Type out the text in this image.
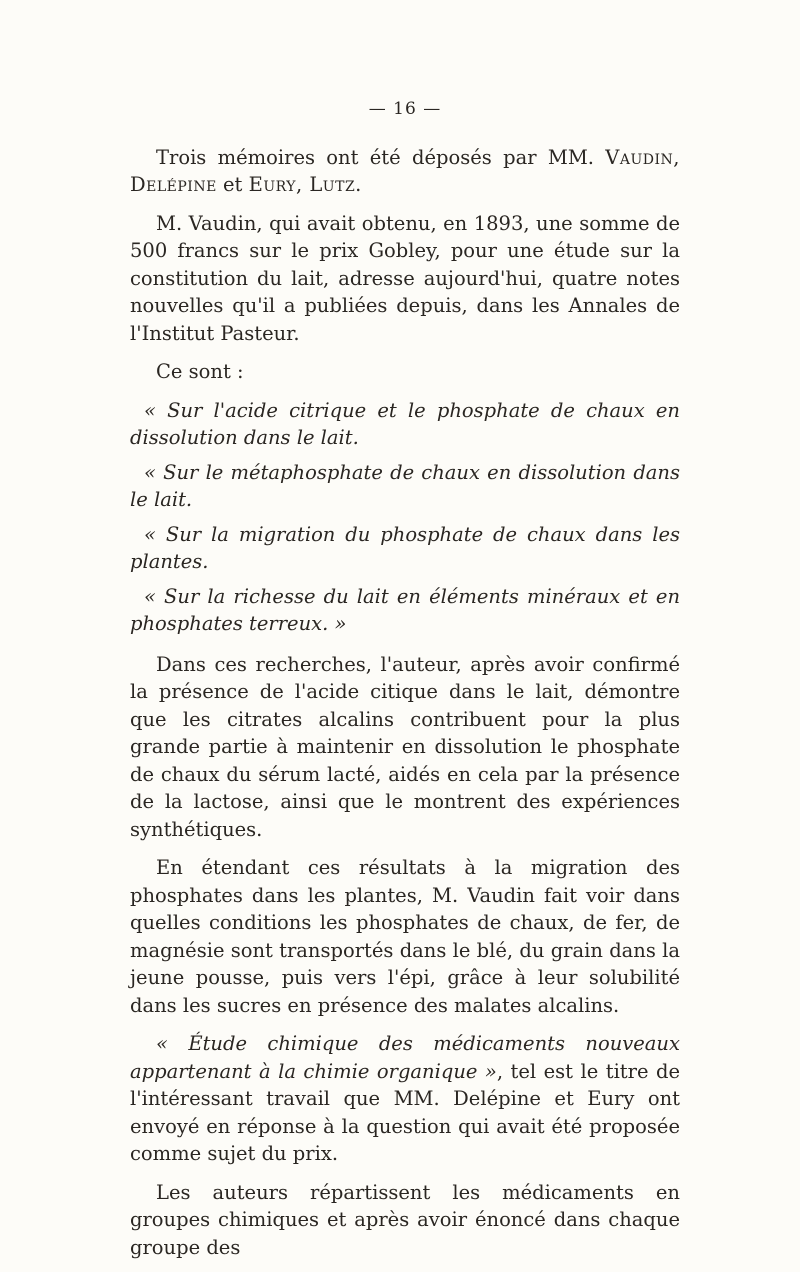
— 16 —

Trois mémoires ont été déposés par MM. Vaudin, Delépine et Eury, Lutz.

M. Vaudin, qui avait obtenu, en 1893, une somme de 500 francs sur le prix Gobley, pour une étude sur la constitution du lait, adresse aujourd'hui, quatre notes nouvelles qu'il a publiées depuis, dans les Annales de l'Institut Pasteur.

Ce sont :

« Sur l'acide citrique et le phosphate de chaux en dissolution dans le lait.

« Sur le métaphosphate de chaux en dissolution dans le lait.

« Sur la migration du phosphate de chaux dans les plantes.

« Sur la richesse du lait en éléments minéraux et en phosphates terreux. »

Dans ces recherches, l'auteur, après avoir confirmé la présence de l'acide citique dans le lait, démontre que les citrates alcalins contribuent pour la plus grande partie à maintenir en dissolution le phosphate de chaux du sérum lacté, aidés en cela par la présence de la lactose, ainsi que le montrent des expériences synthétiques.

En étendant ces résultats à la migration des phosphates dans les plantes, M. Vaudin fait voir dans quelles conditions les phosphates de chaux, de fer, de magnésie sont transportés dans le blé, du grain dans la jeune pousse, puis vers l'épi, grâce à leur solubilité dans les sucres en présence des malates alcalins.

« Étude chimique des médicaments nouveaux appartenant à la chimie organique », tel est le titre de l'intéressant travail que MM. Delépine et Eury ont envoyé en réponse à la question qui avait été proposée comme sujet du prix.

Les auteurs répartissent les médicaments en groupes chimiques et après avoir énoncé dans chaque groupe des
